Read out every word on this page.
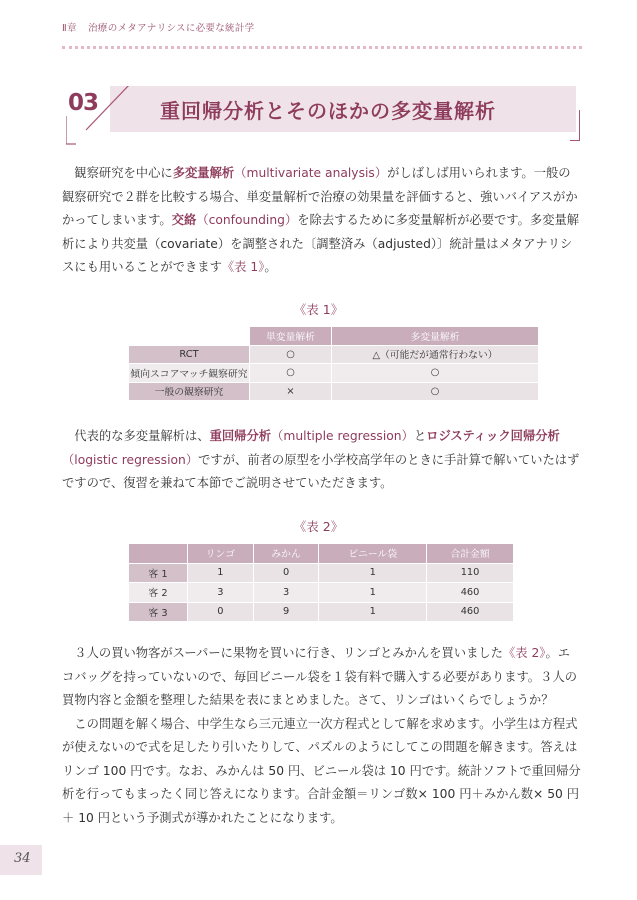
Ⅱ章 治療のメタアナリシスに必要な統計学
03	重回帰分析とそのほかの多変量解析

観察研究を中心に多変量解析（multivariate analysis）がしばしば用いられます。一般の観察研究で２群を比較する場合、単変量解析で治療の効果量を評価すると、強いバイアスがかかってしまいます。交絡（confounding）を除去するために多変量解析が必要です。多変量解析により共変量（covariate）を調整された〔調整済み（adjusted）〕統計量はメタアナリシスにも用いることができます《表 1》。

《表 1》
	単変量解析	多変量解析
RCT	○	△（可能だが通常行わない）
傾向スコアマッチ観察研究	○	○
一般の観察研究	×	○

代表的な多変量解析は、重回帰分析（multiple regression）とロジスティック回帰分析（logistic regression）ですが、前者の原型を小学校高学年のときに手計算で解いていたはずですので、復習を兼ねて本節でご説明させていただきます。

《表 2》
	リンゴ	みかん	ビニール袋	合計金額
客 1	1	0	1	110
客 2	3	3	1	460
客 3	0	9	1	460

３人の買い物客がスーパーに果物を買いに行き、リンゴとみかんを買いました《表 2》。エコバッグを持っていないので、毎回ビニール袋を１袋有料で購入する必要があります。３人の買物内容と金額を整理した結果を表にまとめました。さて、リンゴはいくらでしょうか？

この問題を解く場合、中学生なら三元連立一次方程式として解を求めます。小学生は方程式が使えないので式を足したり引いたりして、パズルのようにしてこの問題を解きます。答えはリンゴ 100 円です。なお、みかんは 50 円、ビニール袋は 10 円です。統計ソフトで重回帰分析を行ってもまったく同じ答えになります。合計金額＝リンゴ数× 100 円＋みかん数× 50 円＋ 10 円という予測式が導かれたことになります。

34
